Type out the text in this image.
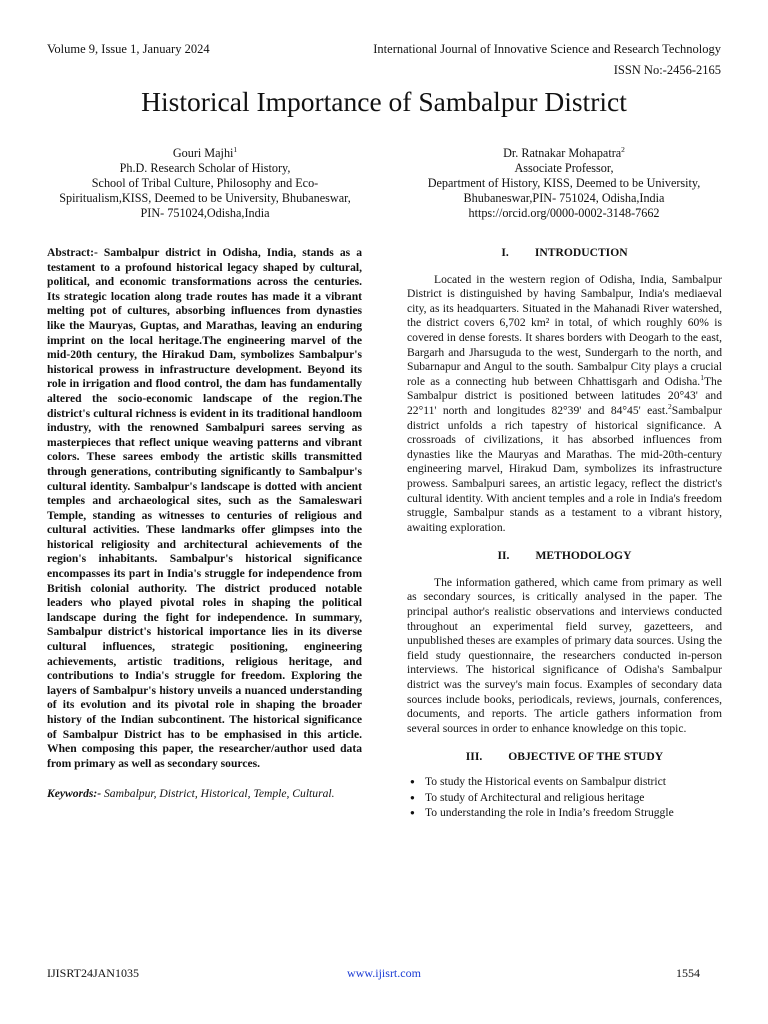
Volume 9, Issue 1, January 2024	International Journal of Innovative Science and Research Technology
ISSN No:-2456-2165
Historical Importance of Sambalpur District
Gouri Majhi$^1$
Ph.D. Research Scholar of History,
School of Tribal Culture, Philosophy and Eco-
Spiritualism,KISS, Deemed to be University, Bhubaneswar,
PIN- 751024,Odisha,India
Dr. Ratnakar Mohapatra$^2$
Associate Professor,
Department of History, KISS, Deemed to be University,
Bhubaneswar,PIN- 751024, Odisha,India
https://orcid.org/0000-0002-3148-7662

Abstract:- Sambalpur district in Odisha, India, stands as a testament to a profound historical legacy shaped by cultural, political, and economic transformations across the centuries. Its strategic location along trade routes has made it a vibrant melting pot of cultures, absorbing influences from dynasties like the Mauryas, Guptas, and Marathas, leaving an enduring imprint on the local heritage.The engineering marvel of the mid-20th century, the Hirakud Dam, symbolizes Sambalpur's historical prowess in infrastructure development. Beyond its role in irrigation and flood control, the dam has fundamentally altered the socio-economic landscape of the region.The district's cultural richness is evident in its traditional handloom industry, with the renowned Sambalpuri sarees serving as masterpieces that reflect unique weaving patterns and vibrant colors. These sarees embody the artistic skills transmitted through generations, contributing significantly to Sambalpur's cultural identity. Sambalpur's landscape is dotted with ancient temples and archaeological sites, such as the Samaleswari Temple, standing as witnesses to centuries of religious and cultural activities. These landmarks offer glimpses into the historical religiosity and architectural achievements of the region's inhabitants. Sambalpur's historical significance encompasses its part in India's struggle for independence from British colonial authority. The district produced notable leaders who played pivotal roles in shaping the political landscape during the fight for independence. In summary, Sambalpur district's historical importance lies in its diverse cultural influences, strategic positioning, engineering achievements, artistic traditions, religious heritage, and contributions to India's struggle for freedom. Exploring the layers of Sambalpur's history unveils a nuanced understanding of its evolution and its pivotal role in shaping the broader history of the Indian subcontinent. The historical significance of Sambalpur District has to be emphasised in this article. When composing this paper, the researcher/author used data from primary as well as secondary sources.

Keywords:- Sambalpur, District, Historical, Temple, Cultural.

I. INTRODUCTION

Located in the western region of Odisha, India, Sambalpur District is distinguished by having Sambalpur, India's mediaeval city, as its headquarters. Situated in the Mahanadi River watershed, the district covers 6,702 km² in total, of which roughly 60% is covered in dense forests. It shares borders with Deogarh to the east, Bargarh and Jharsuguda to the west, Sundergarh to the north, and Subarnapur and Angul to the south. Sambalpur City plays a crucial role as a connecting hub between Chhattisgarh and Odisha.$^1$The Sambalpur district is positioned between latitudes 20°43' and 22°11' north and longitudes 82°39' and 84°45' east.$^2$Sambalpur district unfolds a rich tapestry of historical significance. A crossroads of civilizations, it has absorbed influences from dynasties like the Mauryas and Marathas. The mid-20th-century engineering marvel, Hirakud Dam, symbolizes its infrastructure prowess. Sambalpuri sarees, an artistic legacy, reflect the district's cultural identity. With ancient temples and a role in India's freedom struggle, Sambalpur stands as a testament to a vibrant history, awaiting exploration.

II. METHODOLOGY

The information gathered, which came from primary as well as secondary sources, is critically analysed in the paper. The principal author's realistic observations and interviews conducted throughout an experimental field survey, gazetteers, and unpublished theses are examples of primary data sources. Using the field study questionnaire, the researchers conducted in-person interviews. The historical significance of Odisha's Sambalpur district was the survey's main focus. Examples of secondary data sources include books, periodicals, reviews, journals, conferences, documents, and reports. The article gathers information from several sources in order to enhance knowledge on this topic.

III. OBJECTIVE OF THE STUDY

● To study the Historical events on Sambalpur district
● To study of Architectural and religious heritage
● To understanding the role in India’s freedom Struggle
IJISRT24JAN1035	www.ijisrt.com	1554
